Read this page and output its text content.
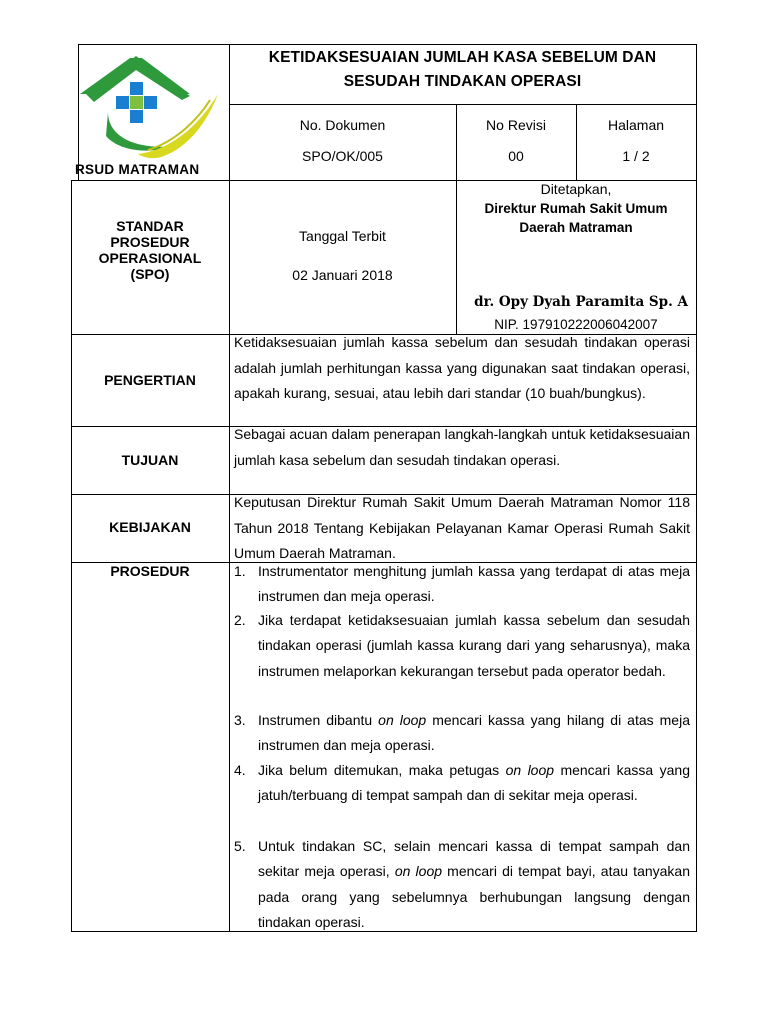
RSUD MATRAMAN
KETIDAKSESUAIAN JUMLAH KASA SEBELUM DAN
SESUDAH TINDAKAN OPERASI
No. Dokumen
SPO/OK/005
No Revisi
00
Halaman
1 / 2
STANDAR
PROSEDUR
OPERASIONAL
(SPO)
Tanggal Terbit
02 Januari 2018
Ditetapkan,
Direktur Rumah Sakit Umum
Daerah Matraman
dr. Opy Dyah Paramita Sp. A
NIP. 197910222006042007
PENGERTIAN
Ketidaksesuaian jumlah kassa sebelum dan sesudah tindakan operasi adalah jumlah perhitungan kassa yang digunakan saat tindakan operasi, apakah kurang, sesuai, atau lebih dari standar (10 buah/bungkus).
TUJUAN
Sebagai acuan dalam penerapan langkah-langkah untuk ketidaksesuaian jumlah kasa sebelum dan sesudah tindakan operasi.
KEBIJAKAN
Keputusan Direktur Rumah Sakit Umum Daerah Matraman Nomor 118 Tahun 2018 Tentang Kebijakan Pelayanan Kamar Operasi Rumah Sakit Umum Daerah Matraman.
PROSEDUR	1. Instrumentator menghitung jumlah kassa yang terdapat di atas meja instrumen dan meja operasi.
2. Jika terdapat ketidaksesuaian jumlah kassa sebelum dan sesudah tindakan operasi (jumlah kassa kurang dari yang seharusnya), maka instrumen melaporkan kekurangan tersebut pada operator bedah.
3. Instrumen dibantu on loop mencari kassa yang hilang di atas meja instrumen dan meja operasi.
4. Jika belum ditemukan, maka petugas on loop mencari kassa yang jatuh/terbuang di tempat sampah dan di sekitar meja operasi.
5. Untuk tindakan SC, selain mencari kassa di tempat sampah dan sekitar meja operasi, on loop mencari di tempat bayi, atau tanyakan pada orang yang sebelumnya berhubungan langsung dengan tindakan operasi.
